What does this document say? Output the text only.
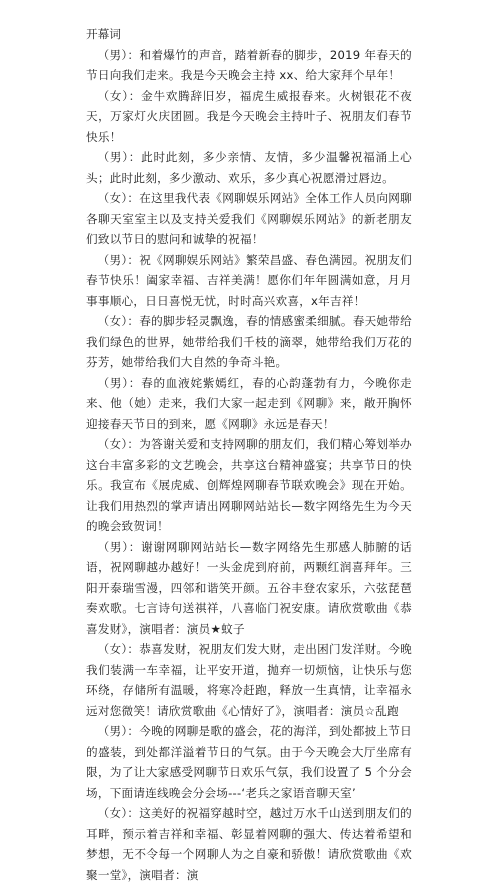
开幕词

（男）：和着爆竹的声音，踏着新春的脚步，2019 年春天的节日向我们走来。我是今天晚会主持 xx、给大家拜个早年！

（女）：金牛欢腾辞旧岁，福虎生威报春来。火树银花不夜天，万家灯火庆团圆。我是今天晚会主持叶子、祝朋友们春节快乐！

（男）：此时此刻，多少亲情、友情，多少温馨祝福涌上心头；此时此刻，多少激动、欢乐，多少真心祝愿滑过唇边。

（女）：在这里我代表《网聊娱乐网站》全体工作人员向网聊各聊天室室主以及支持关爱我们《网聊娱乐网站》的新老朋友们致以节日的慰问和诚挚的祝福！

（男）：祝《网聊娱乐网站》繁荣昌盛、春色满园。祝朋友们春节快乐！阖家幸福、吉祥美满！愿你们年年圆满如意，月月事事顺心，日日喜悦无忧，时时高兴欢喜，x年吉祥！

（女）：春的脚步轻灵飘逸，春的情感蜜柔细腻。春天她带给我们绿色的世界，她带给我们千枝的滴翠，她带给我们万花的芬芳，她带给我们大自然的争奇斗艳。

（男）：春的血液姹紫嫣红，春的心韵蓬勃有力，今晚你走来、他（她）走来，我们大家一起走到《网聊》来，敞开胸怀迎接春天节日的到来，愿《网聊》永远是春天！

（女）：为答谢关爱和支持网聊的朋友们，我们精心筹划举办这台丰富多彩的文艺晚会，共享这台精神盛宴；共享节日的快乐。我宣布《展虎威、创辉煌网聊春节联欢晚会》现在开始。让我们用热烈的掌声请出网聊网站站长—数字网络先生为今天的晚会致贺词！

（男）：谢谢网聊网站站长—数字网络先生那感人肺腑的话语，祝网聊越办越好！一头金虎到府前，两颗红润喜拜年。三阳开泰瑞雪漫，四邻和谐笑开颜。五谷丰登农家乐，六弦琵琶奏欢歌。七言诗句送祺祥，八喜临门祝安康。请欣赏歌曲《恭喜发财》，演唱者：演员★蚊子

（女）：恭喜发财，祝朋友们发大财，走出困门发洋财。今晚我们装满一车幸福，让平安开道，抛弃一切烦恼，让快乐与您环绕，存储所有温暖，将寒冷赶跑，释放一生真情，让幸福永远对您微笑！请欣赏歌曲《心情好了》，演唱者：演员☆乱跑

（男）：今晚的网聊是歌的盛会，花的海洋，到处都披上节日的盛装，到处都洋溢着节日的气氛。由于今天晚会大厅坐席有限，为了让大家感受网聊节日欢乐气氛，我们设置了 5 个分会场，下面请连线晚会分会场---‘老兵之家语音聊天室’

（女）：这美好的祝福穿越时空，越过万水千山送到朋友们的耳畔，预示着吉祥和幸福、彰显着网聊的强大、传达着希望和梦想，无不令每一个网聊人为之自豪和骄傲！请欣赏歌曲《欢聚一堂》，演唱者：演
